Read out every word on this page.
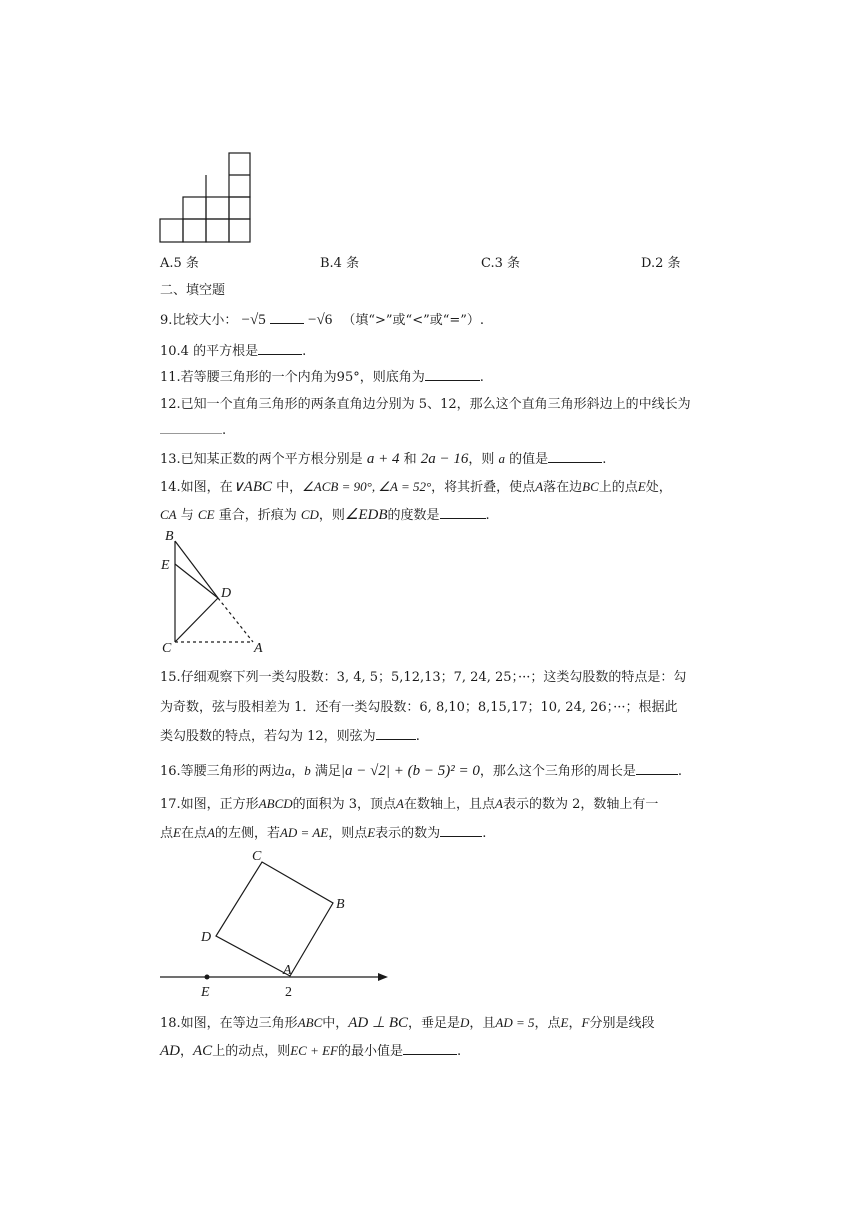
A.5 条	B.4 条	C.3 条	D.2 条
二、填空题
9.比较大小： −√5	−√6 （填“>”或“<”或“=”）.
10.4 的平方根是	.
11.若等腰三角形的一个内角为95°，则底角为	.
12.已知一个直角三角形的两条直角边分别为 5、12，那么这个直角三角形斜边上的中线长为
.
13.已知某正数的两个平方根分别是 a + 4 和 2a − 16，则 a 的值是	.
14.如图，在∨ABC 中，∠ACB = 90°, ∠A = 52°，将其折叠，使点A落在边BC上的点E处，
CA 与 CE 重合，折痕为 CD，则∠EDB的度数是	.
B
E
D
C	A
15.仔细观察下列一类勾股数：3, 4, 5；5,12,13；7, 24, 25；···；这类勾股数的特点是：勾
为奇数，弦与股相差为 1．还有一类勾股数：6, 8,10；8,15,17；10, 24, 26；···；根据此
类勾股数的特点，若勾为 12，则弦为	.
16.等腰三角形的两边a，b 满足|a − √2| + (b − 5)² = 0，那么这个三角形的周长是	.
17.如图，正方形ABCD的面积为 3，顶点A在数轴上，且点A表示的数为 2，数轴上有一
点E在点A的左侧，若AD = AE，则点E表示的数为	.
C
B
D
A
E	2
18.如图，在等边三角形ABC中，AD ⊥ BC，垂足是D，且AD = 5，点E，F分别是线段
AD，AC上的动点，则EC + EF的最小值是	.
